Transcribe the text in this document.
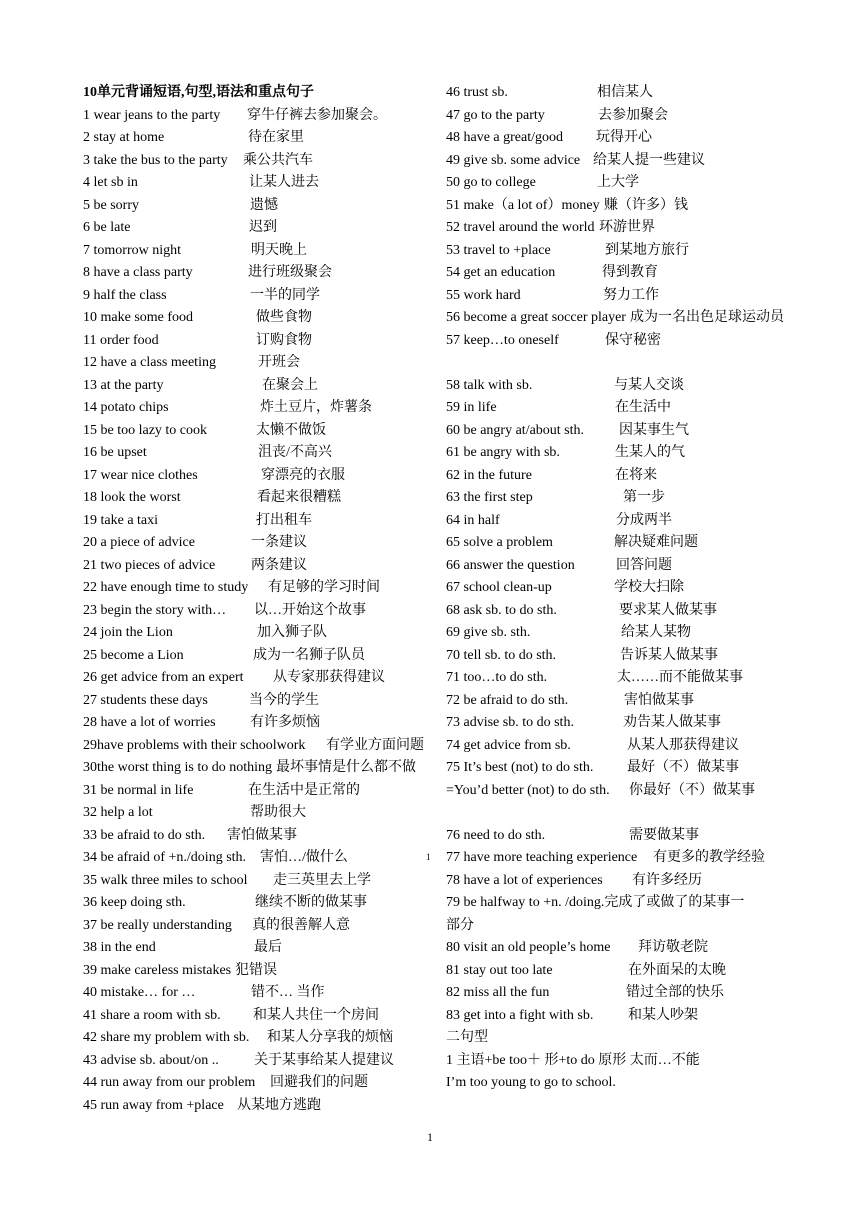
10单元背诵短语,句型,语法和重点句子
1 wear jeans to the party 穿牛仔裤去参加聚会。
2 stay at home	待在家里
3 take the bus to the party 乘公共汽车
4 let sb in	让某人进去
5 be sorry	遗憾
6 be late	迟到
7 tomorrow night	明天晚上
8 have a class party	进行班级聚会
9 half the class	一半的同学
10 make some food	做些食物
11 order food	订购食物
12 have a class meeting	开班会
13 at the party	在聚会上
14 potato chips	炸土豆片，炸薯条
15 be too lazy to cook	太懒不做饭
16 be upset	沮丧/不高兴
17 wear nice clothes	穿漂亮的衣服
18 look the worst	看起来很糟糕
19 take a taxi	打出租车
20 a piece of advice	一条建议
21 two pieces of advice	两条建议
22 have enough time to study 有足够的学习时间
23 begin the story with… 以…开始这个故事
24 join the Lion	加入狮子队
25 become a Lion	成为一名狮子队员
26 get advice from an expert 从专家那获得建议
27 students these days	当今的学生
28 have a lot of worries 有许多烦恼
29have problems with their schoolwork 有学业方面问题
30the worst thing is to do nothing 最坏事情是什么都不做
31 be normal in life	在生活中是正常的
32 help a lot	帮助很大
33 be afraid to do sth. 害怕做某事
34 be afraid of +n./doing sth. 害怕…/做什么
35 walk three miles to school 走三英里去上学
36 keep doing sth.	继续不断的做某事
37 be really understanding 真的很善解人意
38 in the end	最后
39 make careless mistakes 犯错误
40 mistake… for …	错不… 当作
41 share a room with sb. 和某人共住一个房间
42 share my problem with sb. 和某人分享我的烦恼
43 advise sb. about/on ..	关于某事给某人提建议
44 run away from our problem 回避我们的问题
45 run away from +place 从某地方逃跑
46 trust sb.	相信某人
47 go to the party	去参加聚会
48 have a great/good 玩得开心
49 give sb. some advice 给某人提一些建议
50 go to college	上大学
51 make（a lot of）money 赚（许多）钱
52 travel around the world 环游世界
53 travel to +place	到某地方旅行
54 get an education	得到教育
55 work hard	努力工作
56 become a great soccer player 成为一名出色足球运动员
57 keep…to oneself	保守秘密
58 talk with sb.	与某人交谈
59 in life	在生活中
60 be angry at/about sth. 因某事生气
61 be angry with sb.	生某人的气
62 in the future	在将来
63 the first step	第一步
64 in half	分成两半
65 solve a problem	解决疑难问题
66 answer the question	回答问题
67 school clean-up	学校大扫除
68 ask sb. to do sth.	要求某人做某事
69 give sb. sth.	给某人某物
70 tell sb. to do sth.	告诉某人做某事
71 too…to do sth.	太……而不能做某事
72 be afraid to do sth.	害怕做某事
73 advise sb. to do sth.	劝告某人做某事
74 get advice from sb.	从某人那获得建议
75 It’s best (not) to do sth. 最好（不）做某事
=You’d better (not) to do sth. 你最好（不）做某事
76 need to do sth.	需要做某事
77 have more teaching experience 有更多的教学经验
78 have a lot of experiences 有许多经历
79 be halfway to +n. /doing.完成了或做了的某事一
部分
80 visit an old people’s home 拜访敬老院
81 stay out too late	在外面呆的太晚
82 miss all the fun	错过全部的快乐
83 get into a fight with sb. 和某人吵架
二句型
1 主语+be too＋ 形+to do 原形 太而…不能
I’m too young to go to school.
1
1
